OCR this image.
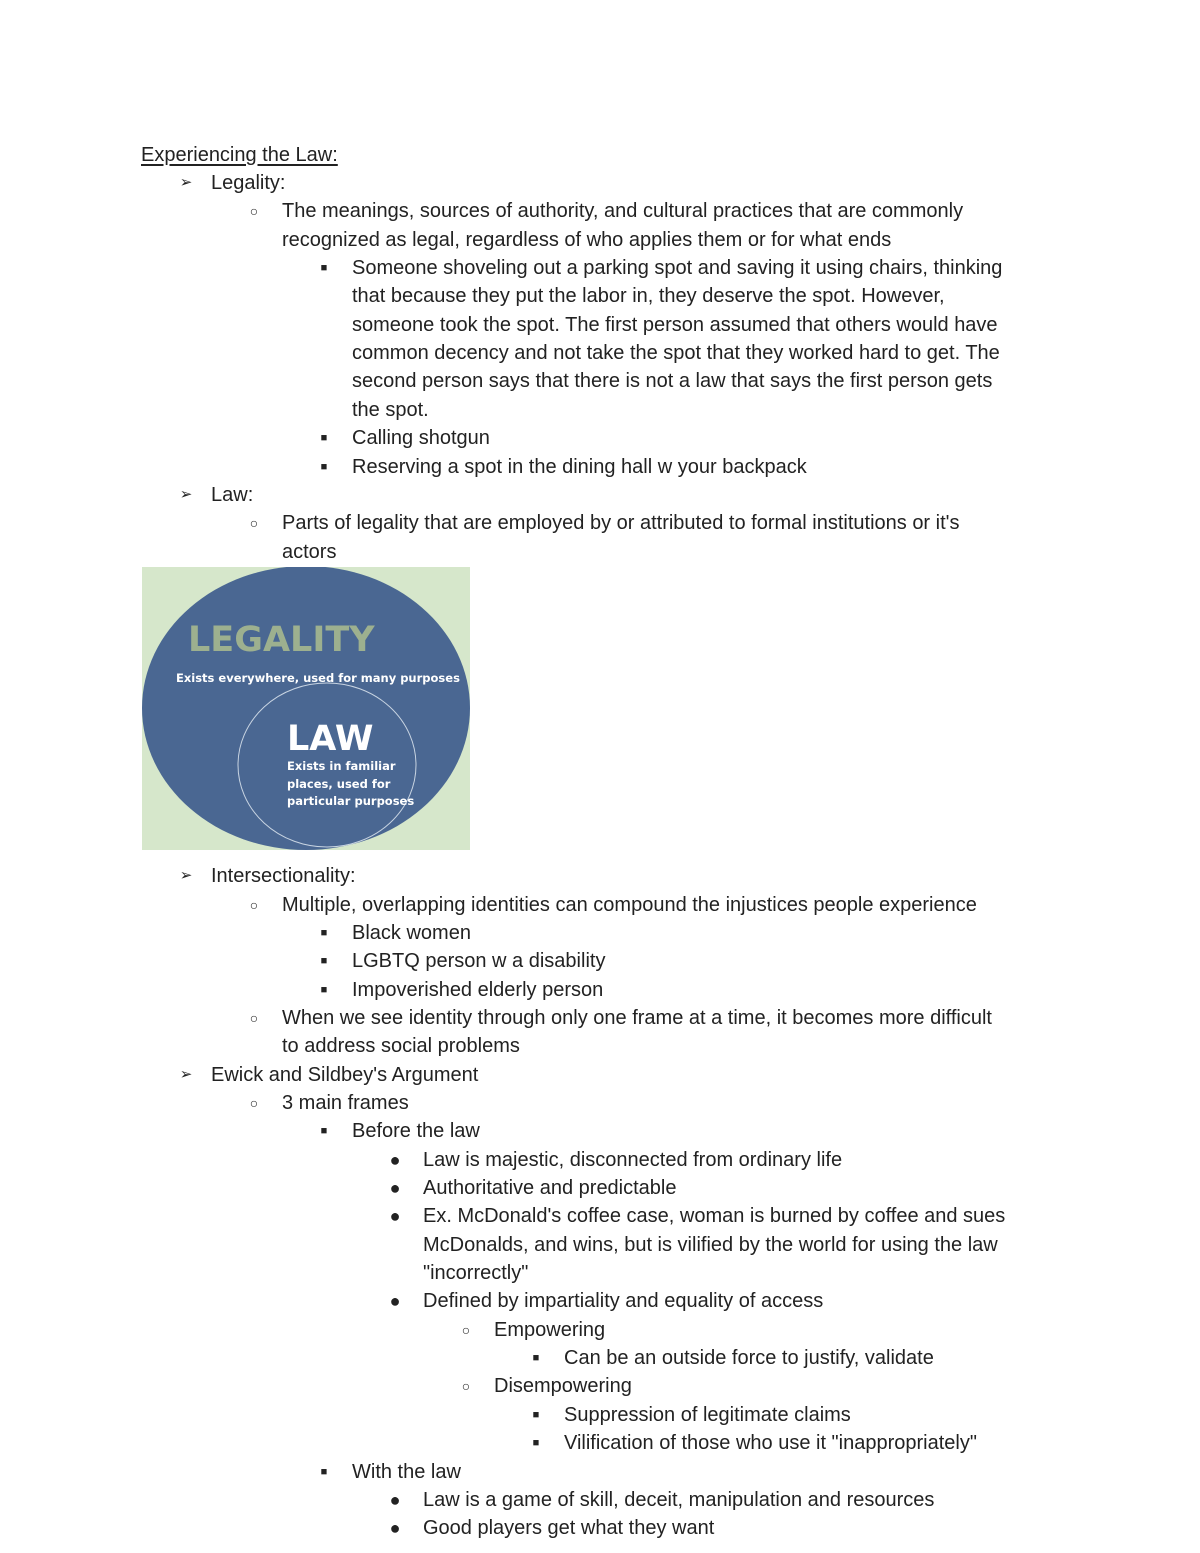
Experiencing the Law:
➢ Legality:
○	The meanings, sources of authority, and cultural practices that are commonly
recognized as legal, regardless of who applies them or for what ends
■	Someone shoveling out a parking spot and saving it using chairs, thinking
that because they put the labor in, they deserve the spot. However,
someone took the spot. The first person assumed that others would have
common decency and not take the spot that they worked hard to get. The
second person says that there is not a law that says the first person gets
the spot.
■	Calling shotgun
■	Reserving a spot in the dining hall w your backpack
➢ Law:
○	Parts of legality that are employed by or attributed to formal institutions or it's
actors
➢ Intersectionality:
○	Multiple, overlapping identities can compound the injustices people experience
■	Black women
■	LGBTQ person w a disability
■	Impoverished elderly person
○	When we see identity through only one frame at a time, it becomes more difficult
to address social problems
➢ Ewick and Sildbey's Argument
○	3 main frames
■	Before the law
● Law is majestic, disconnected from ordinary life
● Authoritative and predictable
● Ex. McDonald's coffee case, woman is burned by coffee and sues
McDonalds, and wins, but is vilified by the world for using the law
"incorrectly"
● Defined by impartiality and equality of access
○	Empowering
■	Can be an outside force to justify, validate
○	Disempowering
■	Suppression of legitimate claims
■	Vilification of those who use it "inappropriately"
■	With the law
● Law is a game of skill, deceit, manipulation and resources
● Good players get what they want
LEGALITY
Exists everywhere, used for many purposes
LAW
Exists in familiar
places, used for
particular purposes
